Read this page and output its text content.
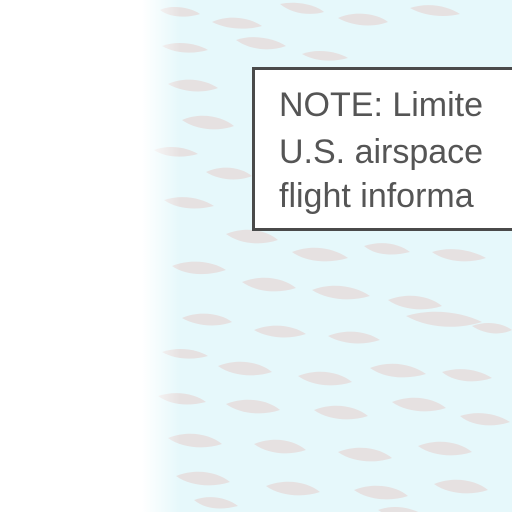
NOTE: Limite
U.S. airspace
flight informa
